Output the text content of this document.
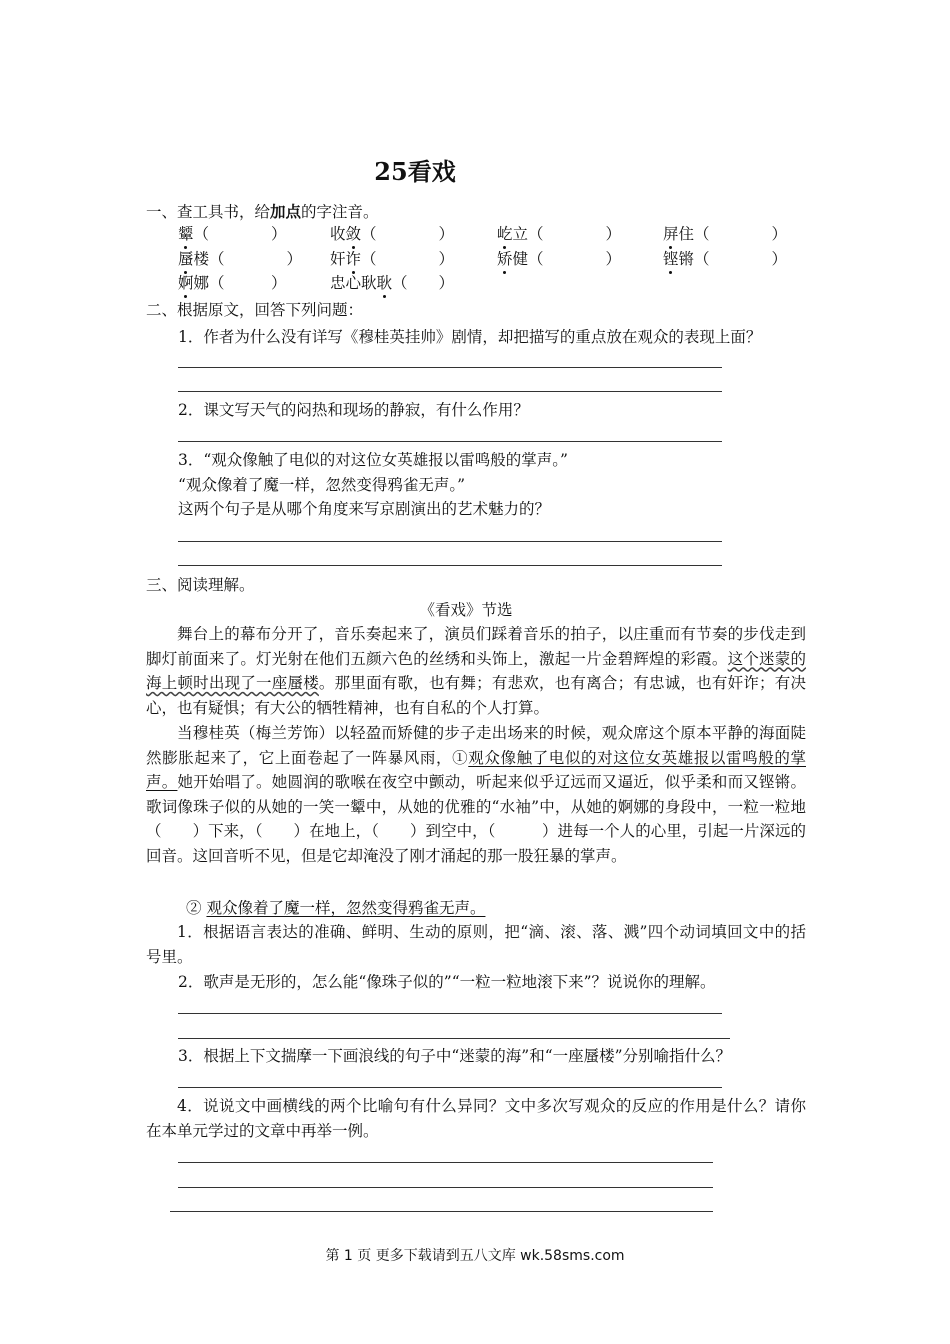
25看戏
一、查工具书，给加点的字注音。
颦（　　　　）	收敛（　　　　）	屹立（　　　　）	屏住（　　　　）
蜃楼（　　　　） 奸诈（　　　　）	矫健（　　　　）	铿锵（　　　　）
婀娜（　　　）	忠心耿耿（　　）
二、根据原文，回答下列问题：
1．作者为什么没有详写《穆桂英挂帅》剧情，却把描写的重点放在观众的表现上面？
2．课文写天气的闷热和现场的静寂，有什么作用？
3．“观众像触了电似的对这位女英雄报以雷鸣般的掌声。”
“观众像着了魔一样，忽然变得鸦雀无声。”
这两个句子是从哪个角度来写京剧演出的艺术魅力的？
三、阅读理解。
《看戏》节选
舞台上的幕布分开了，音乐奏起来了，演员们踩着音乐的拍子，以庄重而有节奏的步伐走到脚灯前面来了。灯光射在他们五颜六色的丝绣和头饰上，激起一片金碧辉煌的彩霞。这个迷蒙的海上顿时出现了一座蜃楼。那里面有歌，也有舞；有悲欢，也有离合；有忠诚，也有奸诈；有决心，也有疑惧；有大公的牺牲精神，也有自私的个人打算。
当穆桂英（梅兰芳饰）以轻盈而矫健的步子走出场来的时候，观众席这个原本平静的海面陡然膨胀起来了，它上面卷起了一阵暴风雨，①观众像触了电似的对这位女英雄报以雷鸣般的掌声。她开始唱了。她圆润的歌喉在夜空中颤动，听起来似乎辽远而又逼近，似乎柔和而又铿锵。歌词像珠子似的从她的一笑一颦中，从她的优雅的“水袖”中，从她的婀娜的身段中，一粒一粒地（　　）下来，（　　）在地上，（　　）到空中，（　　　）进每一个人的心里，引起一片深远的回音。这回音听不见，但是它却淹没了刚才涌起的那一股狂暴的掌声。
② 观众像着了魔一样，忽然变得鸦雀无声。
1．根据语言表达的准确、鲜明、生动的原则，把“滴、滚、落、溅”四个动词填回文中的括号里。
2．歌声是无形的，怎么能“像珠子似的”“一粒一粒地滚下来”？说说你的理解。
3．根据上下文揣摩一下画浪线的句子中“迷蒙的海”和“一座蜃楼”分别喻指什么？
4．说说文中画横线的两个比喻句有什么异同？文中多次写观众的反应的作用是什么？请你在本单元学过的文章中再举一例。
第 1 页 更多下载请到五八文库 wk.58sms.com
